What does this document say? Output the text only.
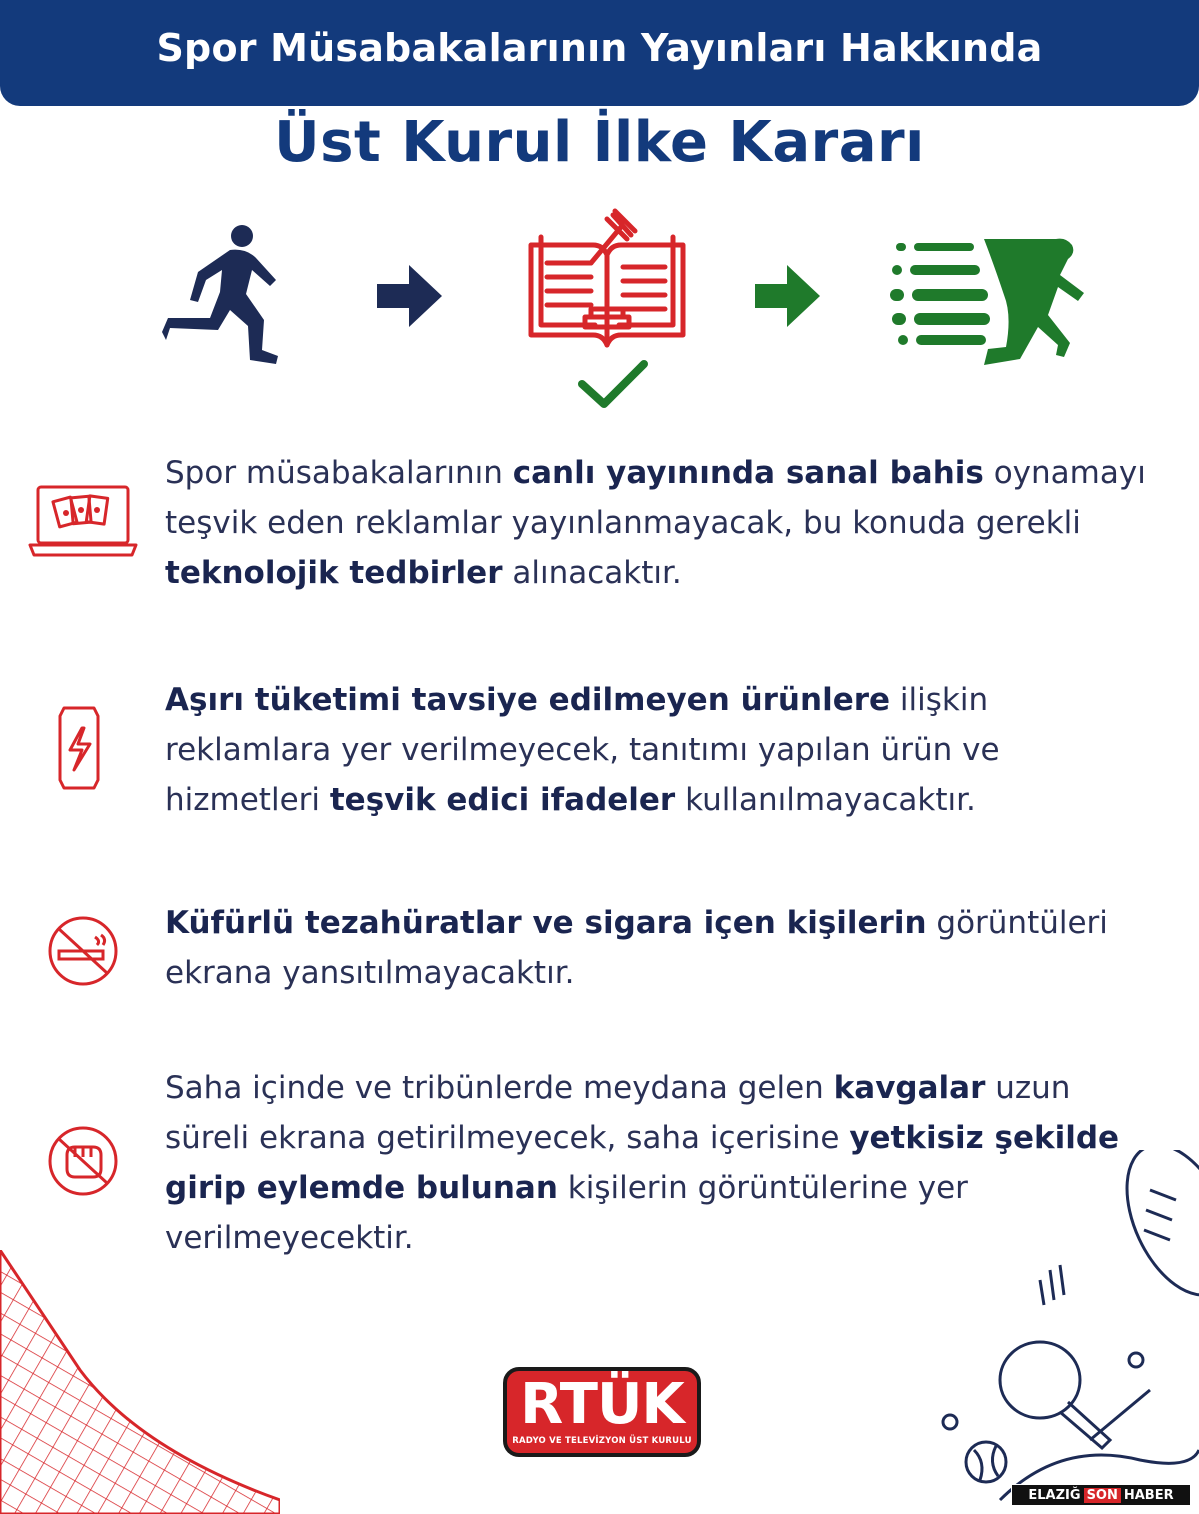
Spor Müsabakalarının Yayınları Hakkında
Üst Kurul İlke Kararı

Spor müsabakalarının canlı yayınında sanal bahis oynamayı teşvik eden reklamlar yayınlanmayacak, bu konuda gerekli teknolojik tedbirler alınacaktır.

Aşırı tüketimi tavsiye edilmeyen ürünlere ilişkin reklamlara yer verilmeyecek, tanıtımı yapılan ürün ve hizmetleri teşvik edici ifadeler kullanılmayacaktır.

Küfürlü tezahüratlar ve sigara içen kişilerin görüntüleri ekrana yansıtılmayacaktır.

Saha içinde ve tribünlerde meydana gelen kavgalar uzun süreli ekrana getirilmeyecek, saha içerisine yetkisiz şekilde girip eylemde bulunan kişilerin görüntülerine yer verilmeyecektir.

RTÜK
RADYO VE TELEVİZYON ÜST KURULU
ELAZIĞ SON HABER
